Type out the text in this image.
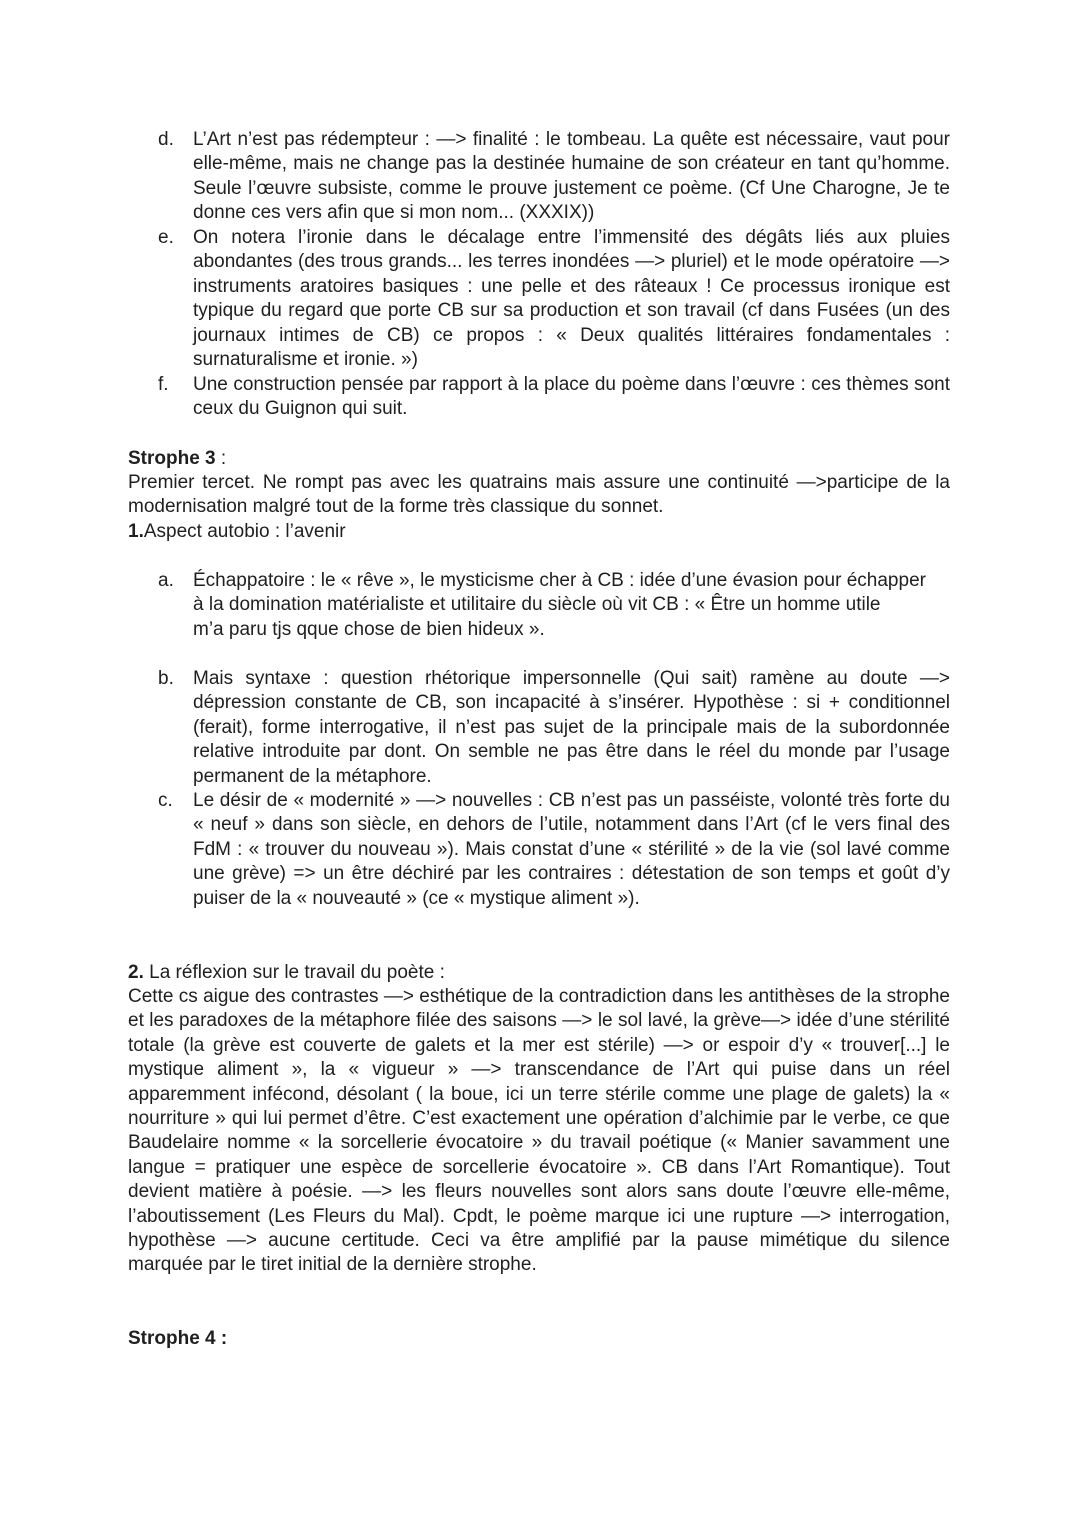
d. L’Art n’est pas rédempteur : —> finalité : le tombeau. La quête est nécessaire, vaut pour elle-même, mais ne change pas la destinée humaine de son créateur en tant qu’homme. Seule l’œuvre subsiste, comme le prouve justement ce poème. (Cf Une Charogne, Je te donne ces vers afin que si mon nom... (XXXIX))

e. On notera l’ironie dans le décalage entre l’immensité des dégâts liés aux pluies abondantes (des trous grands... les terres inondées —> pluriel) et le mode opératoire —> instruments aratoires basiques : une pelle et des râteaux ! Ce processus ironique est typique du regard que porte CB sur sa production et son travail (cf dans Fusées (un des journaux intimes de CB) ce propos : « Deux qualités littéraires fondamentales : surnaturalisme et ironie. »)

f. Une construction pensée par rapport à la place du poème dans l’œuvre : ces thèmes sont ceux du Guignon qui suit.

Strophe 3 :

Premier tercet. Ne rompt pas avec les quatrains mais assure une continuité —>participe de la modernisation malgré tout de la forme très classique du sonnet.

1.Aspect autobio : l’avenir
a. Échappatoire : le « rêve », le mysticisme cher à CB : idée d’une évasion pour échapper

à la domination matérialiste et utilitaire du siècle où vit CB : « Être un homme utile m’a paru tjs qque chose de bien hideux ».

b. Mais syntaxe : question rhétorique impersonnelle (Qui sait) ramène au doute —> dépression constante de CB, son incapacité à s’insérer. Hypothèse : si + conditionnel (ferait), forme interrogative, il n’est pas sujet de la principale mais de la subordonnée relative introduite par dont. On semble ne pas être dans le réel du monde par l’usage permanent de la métaphore.

c. Le désir de « modernité » —> nouvelles : CB n’est pas un passéiste, volonté très forte du « neuf » dans son siècle, en dehors de l’utile, notamment dans l’Art (cf le vers final des FdM : « trouver du nouveau »). Mais constat d’une « stérilité » de la vie (sol lavé comme une grève) => un être déchiré par les contraires : détestation de son temps et goût d’y puiser de la « nouveauté » (ce « mystique aliment »).

2. La réflexion sur le travail du poète :

Cette cs aigue des contrastes —> esthétique de la contradiction dans les antithèses de la strophe et les paradoxes de la métaphore filée des saisons —> le sol lavé, la grève—> idée d’une stérilité totale (la grève est couverte de galets et la mer est stérile) —> or espoir d’y « trouver[...] le mystique aliment », la « vigueur » —> transcendance de l’Art qui puise dans un réel apparemment infécond, désolant ( la boue, ici un terre stérile comme une plage de galets) la « nourriture » qui lui permet d’être. C’est exactement une opération d’alchimie par le verbe, ce que Baudelaire nomme « la sorcellerie évocatoire » du travail poétique (« Manier savamment une langue = pratiquer une espèce de sorcellerie évocatoire ». CB dans l’Art Romantique). Tout devient matière à poésie. —> les fleurs nouvelles sont alors sans doute l’œuvre elle-même, l’aboutissement (Les Fleurs du Mal). Cpdt, le poème marque ici une rupture —> interrogation, hypothèse —> aucune certitude. Ceci va être amplifié par la pause mimétique du silence marquée par le tiret initial de la dernière strophe.

Strophe 4 :
